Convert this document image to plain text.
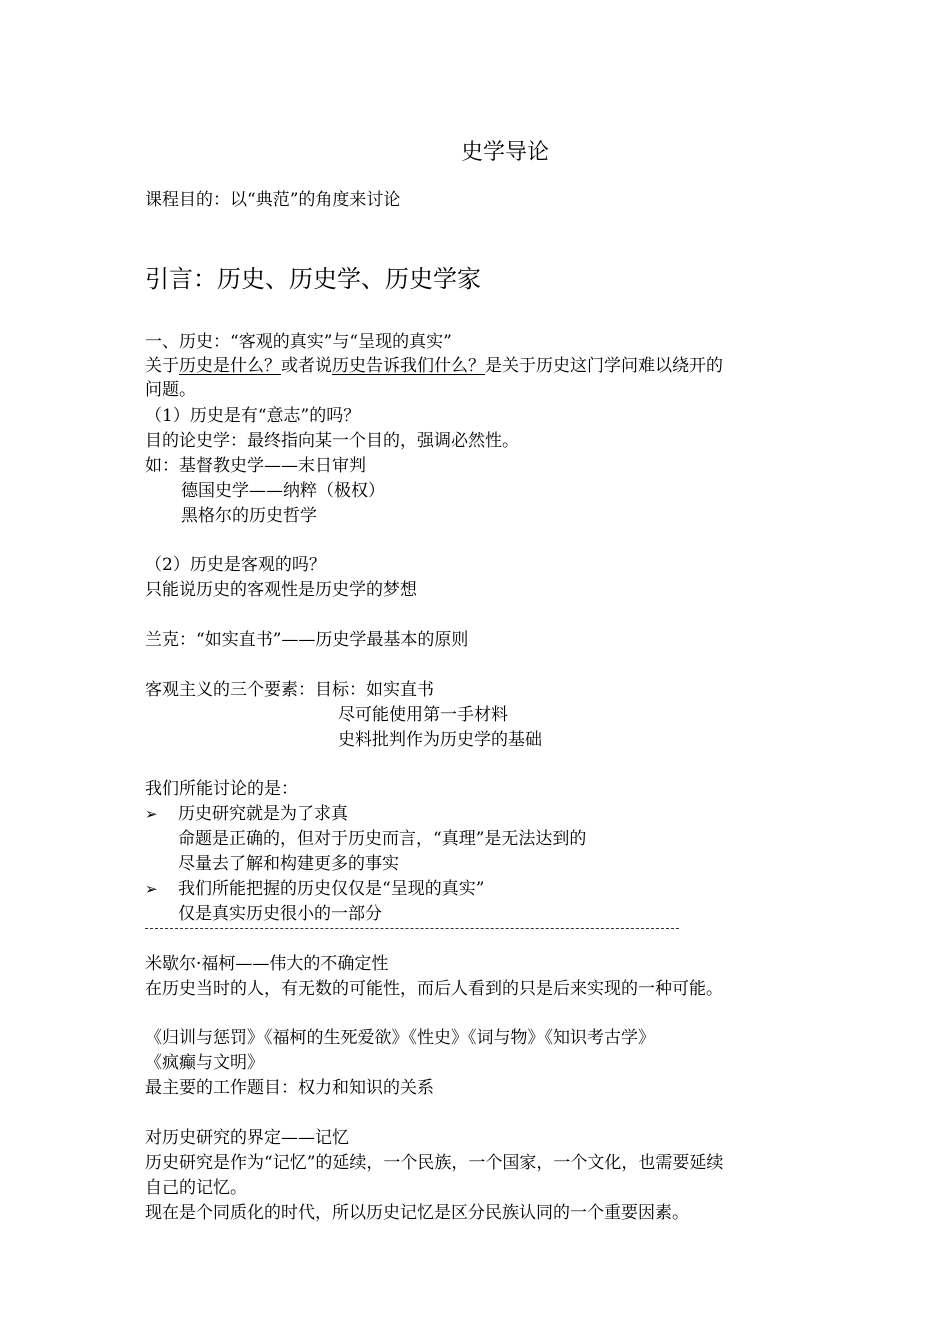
史学导论
课程目的：以“典范”的角度来讨论
引言：历史、历史学、历史学家
一、历史：“客观的真实”与“呈现的真实”
关于历史是什么？或者说历史告诉我们什么？是关于历史这门学问难以绕开的
问题。
（1）历史是有“意志”的吗？
目的论史学：最终指向某一个目的，强调必然性。
如：基督教史学——末日审判
德国史学——纳粹（极权）
黑格尔的历史哲学
（2）历史是客观的吗？
只能说历史的客观性是历史学的梦想
兰克：“如实直书”——历史学最基本的原则
客观主义的三个要素：目标：如实直书
尽可能使用第一手材料
史料批判作为历史学的基础
我们所能讨论的是：
➢ 历史研究就是为了求真
命题是正确的，但对于历史而言，“真理”是无法达到的
尽量去了解和构建更多的事实
➢ 我们所能把握的历史仅仅是“呈现的真实”
仅是真实历史很小的一部分
米歇尔·福柯——伟大的不确定性
在历史当时的人，有无数的可能性，而后人看到的只是后来实现的一种可能。
《归训与惩罚》《福柯的生死爱欲》《性史》《词与物》《知识考古学》
《疯癫与文明》
最主要的工作题目：权力和知识的关系
对历史研究的界定——记忆
历史研究是作为“记忆”的延续，一个民族，一个国家，一个文化，也需要延续
自己的记忆。
现在是个同质化的时代，所以历史记忆是区分民族认同的一个重要因素。
